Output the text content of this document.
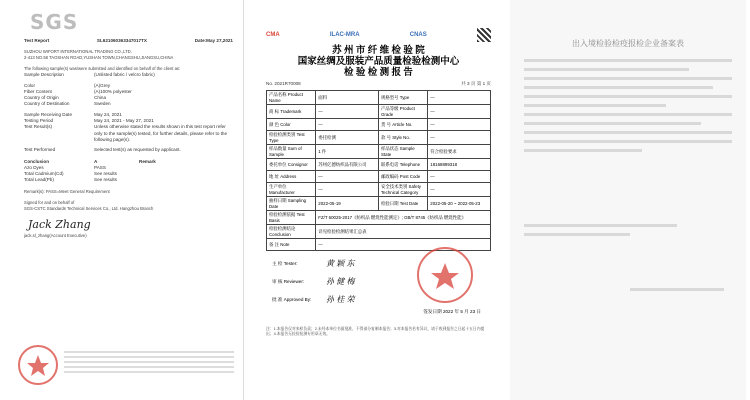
SGS
Test Report	SL621060363347017TX	Date:May 27,2021
SUZHOU WIFORT INTERNATIONAL TRADING CO.,LTD.
2-413 NO.58 TAOSHAN ROAD,YUSHAN TOWN,CHANGSHU,JIANGSU,CHINA
The following sample(s) was/were submitted and identified on behalf of the client as:
Sample Description	(Unlisted fabric / velcro fabric)
Color	(A)Grey
Fiber Content	(A)100% polyester
Country of Origin	China
Country of Destination	Sweden
Sample Receiving Date	May 24, 2021
Testing Period	May 24, 2021 - May 27, 2021
Test Result(s)	Unless otherwise stated the results shown in this test report refer only to the sample(s) tested, for further details, please refer to the following page(s).
Test Performed	Selected test(s) as requested by applicant.
Conclusion	A	Remark
Azo Dyes	PASS
Total Cadmium(Cd)	See results
Total Lead(Pb)	See results
Remark(s): PASS=Meet General Requirement
Signed for and on behalf of
SGS-CSTC Standards Technical Services Co., Ltd. Hangzhou Branch
Jack Zhang
jack.sl_zhang(Account Executive)
CMA	ILAC-MRA	CNAS
苏 州 市 纤 维 检 验 院
国家丝绸及服装产品质量检验检测中心
检 验 检 测 报 告
No. 2021R70008	共 3 页 第 1 页
产品名称 Product Name	面料	规格型号 Type	—
商 标 Trademark	—	产品等级 Product Grade	—
颜 色 Color	—	货 号 Article No.	—
检验检测类别 Test Type	委托检测	款 号 Style No.	—
样品数量 Sum of Sample	1 件	样品状态 Sample State	符合检验要求
委托单位 Consignor	苏州亿德纺织品有限公司	联系电话 Telephone	18168899318
地 址 Address	—	邮政编码 Post Code	—
生产单位 Manufacturer	—	安全技术类别 Safety Technical Category	—
抽样日期 Sampling Date	2022-05-19	检验日期 Test Date	2022-05-20 ~ 2022-05-23
检验检测依据 Test Basis	FZ/T 60025-2017《纺织品 燃烧性能测定》; GB/T 8745《纺织品 燃烧性能》		
检验检测结论 Conclusion	详见检验检测结果汇总表		
备 注 Note	—		
主 检 Tester:	黄 颖 东
审 核 Reviewer:	孙 健 梅
批 准 Approved By: 孙 桂 荣
签发日期 2022 年 5 月 23 日
注：1.本报告仅对来样负责；2.未经本单位书面批准，不得部分复制本报告；3.对本报告若有异议，请于收到报告之日起十五日内提出；4.本报告无检验检测专用章无效。
出入境检验检疫报检企业备案表
